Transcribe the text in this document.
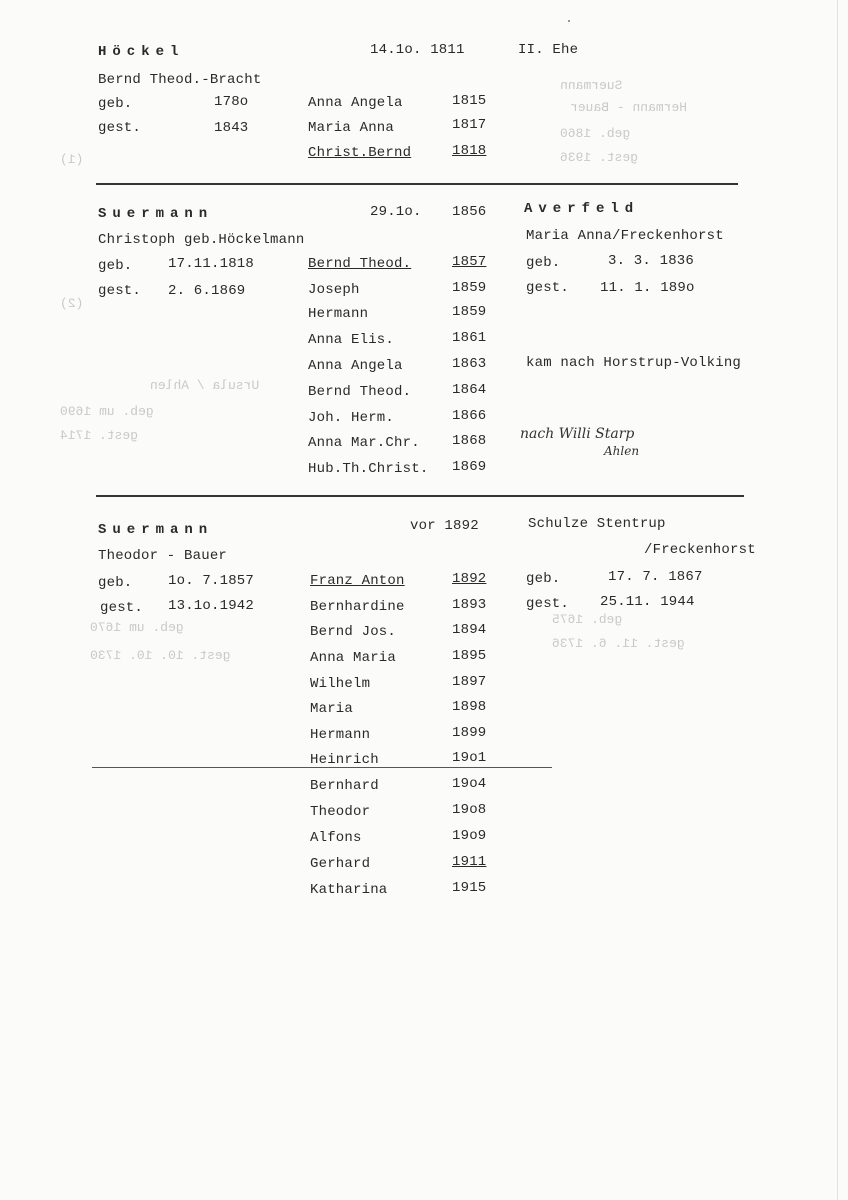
Suermann
Hermann - Bauer
geb. 1860
gest. 1936
(1)
Ursula / Ahlen
geb. um 1690
gest. 1714
(2)
geb. um 1670
gest. 10. 10. 1730
geb. 1675
gest. 11. 6. 1736
Höckel	14.1o. 1811	II. Ehe
Bernd Theod.-Bracht
geb.	178o
gest.	1843
Anna Angela	1815
Maria Anna	1817
Christ.Bernd	1818
Suermann	29.1o. 1856	Averfeld
Christoph geb.Höckelmann	Maria Anna/Freckenhorst
geb.	17.11.1818
gest. 2. 6.1869
geb.	3. 3. 1836
gest. 11. 1. 189o
Bernd Theod.	1857
Joseph	1859
Hermann	1859
Anna Elis.	1861
Anna Angela	1863
Bernd Theod.	1864
Joh. Herm.	1866
Anna Mar.Chr. 1868
Hub.Th.Christ. 1869
kam nach Horstrup-Volking
nach Willi Starp
Ahlen
Suermann	vor 1892	Schulze Stentrup
/Freckenhorst
Theodor - Bauer
geb.	1o. 7.1857
gest. 13.1o.1942
geb.	17. 7. 1867
gest. 25.11. 1944
Franz Anton	1892
Bernhardine	1893
Bernd Jos.	1894
Anna Maria	1895
Wilhelm	1897
Maria	1898
Hermann	1899
Heinrich	19o1
Bernhard	19o4
Theodor	19o8
Alfons	19o9
Gerhard	1911
Katharina	1915
